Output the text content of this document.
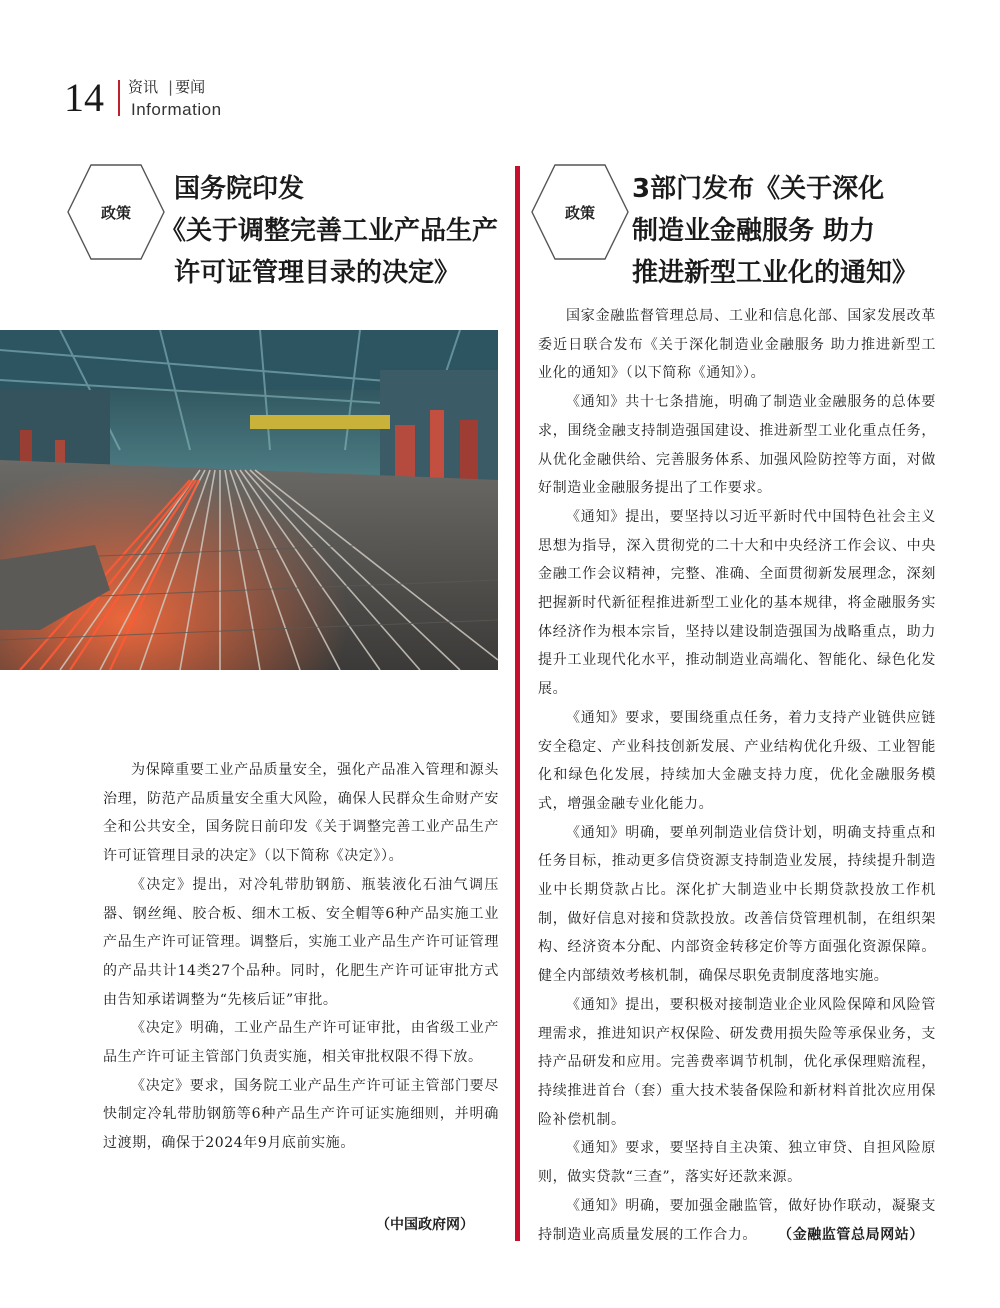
14 资讯 | 要闻
Information
政策
国务院印发
《关于调整完善工业产品生产
许可证管理目录的决定》

为保障重要工业产品质量安全，强化产品准入管理和源头治理，防范产品质量安全重大风险，确保人民群众生命财产安全和公共安全，国务院日前印发《关于调整完善工业产品生产许可证管理目录的决定》（以下简称《决定》）。

《决定》提出，对冷轧带肋钢筋、瓶装液化石油气调压器、钢丝绳、胶合板、细木工板、安全帽等6种产品实施工业产品生产许可证管理。调整后，实施工业产品生产许可证管理的产品共计14类27个品种。同时，化肥生产许可证审批方式由告知承诺调整为“先核后证”审批。

《决定》明确，工业产品生产许可证审批，由省级工业产品生产许可证主管部门负责实施，相关审批权限不得下放。

《决定》要求，国务院工业产品生产许可证主管部门要尽快制定冷轧带肋钢筋等6种产品生产许可证实施细则，并明确过渡期，确保于2024年9月底前实施。

（中国政府网）
政策
3部门发布《关于深化
制造业金融服务 助力
推进新型工业化的通知》

国家金融监督管理总局、工业和信息化部、国家发展改革委近日联合发布《关于深化制造业金融服务 助力推进新型工业化的通知》（以下简称《通知》）。

《通知》共十七条措施，明确了制造业金融服务的总体要求，围绕金融支持制造强国建设、推进新型工业化重点任务，从优化金融供给、完善服务体系、加强风险防控等方面，对做好制造业金融服务提出了工作要求。

《通知》提出，要坚持以习近平新时代中国特色社会主义思想为指导，深入贯彻党的二十大和中央经济工作会议、中央金融工作会议精神，完整、准确、全面贯彻新发展理念，深刻把握新时代新征程推进新型工业化的基本规律，将金融服务实体经济作为根本宗旨，坚持以建设制造强国为战略重点，助力提升工业现代化水平，推动制造业高端化、智能化、绿色化发展。

《通知》要求，要围绕重点任务，着力支持产业链供应链安全稳定、产业科技创新发展、产业结构优化升级、工业智能化和绿色化发展，持续加大金融支持力度，优化金融服务模式，增强金融专业化能力。

《通知》明确，要单列制造业信贷计划，明确支持重点和任务目标，推动更多信贷资源支持制造业发展，持续提升制造业中长期贷款占比。深化扩大制造业中长期贷款投放工作机制，做好信息对接和贷款投放。改善信贷管理机制，在组织架构、经济资本分配、内部资金转移定价等方面强化资源保障。健全内部绩效考核机制，确保尽职免责制度落地实施。

《通知》提出，要积极对接制造业企业风险保障和风险管理需求，推进知识产权保险、研发费用损失险等承保业务，支持产品研发和应用。完善费率调节机制，优化承保理赔流程，持续推进首台（套）重大技术装备保险和新材料首批次应用保险补偿机制。

《通知》要求，要坚持自主决策、独立审贷、自担风险原则，做实贷款“三查”，落实好还款来源。

《通知》明确，要加强金融监管，做好协作联动，凝聚支持制造业高质量发展的工作合力。 （金融监管总局网站）
